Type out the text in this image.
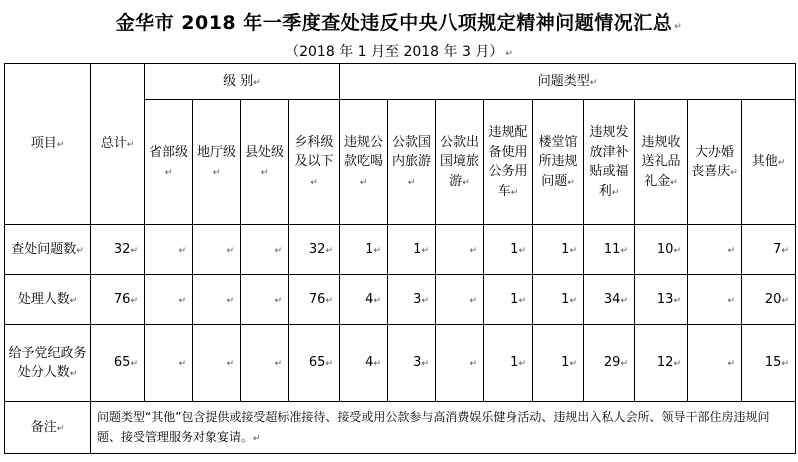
金华市 2018 年一季度查处违反中央八项规定精神问题情况汇总 ↵
（2018 年 1 月至 2018 年 3 月） ↵
项目↵	总计↵	级 别↵				问题类型↵								
		省部级↵	地厅级↵	县处级↵	乡科级及以下↵	违规公款吃喝↵	公款国内旅游↵	公款出国境旅游↵	违规配备使用公务用车↵	楼堂馆所违规问题↵	违规发放津补贴或福利↵	违规收送礼品礼金↵	大办婚丧喜庆↵	其他↵
查处问题数↵	32↵	↵	↵	↵	32↵	1↵	1↵	↵	1↵	1↵	11↵	10↵	↵	7↵
处理人数↵	76↵	↵	↵	↵	76↵	4↵	3↵	↵	1↵	1↵	34↵	13↵	↵	20↵
给予党纪政务处分人数↵	65↵	↵	↵	↵	65↵	4↵	3↵	↵	1↵	1↵	29↵	12↵	↵	15↵
备注↵	问题类型“其他”包含提供或接受超标准接待、接受或用公款参与高消费娱乐健身活动、违规出入私人会所、领导干部住房违规问题、接受管理服务对象宴请。↵													
